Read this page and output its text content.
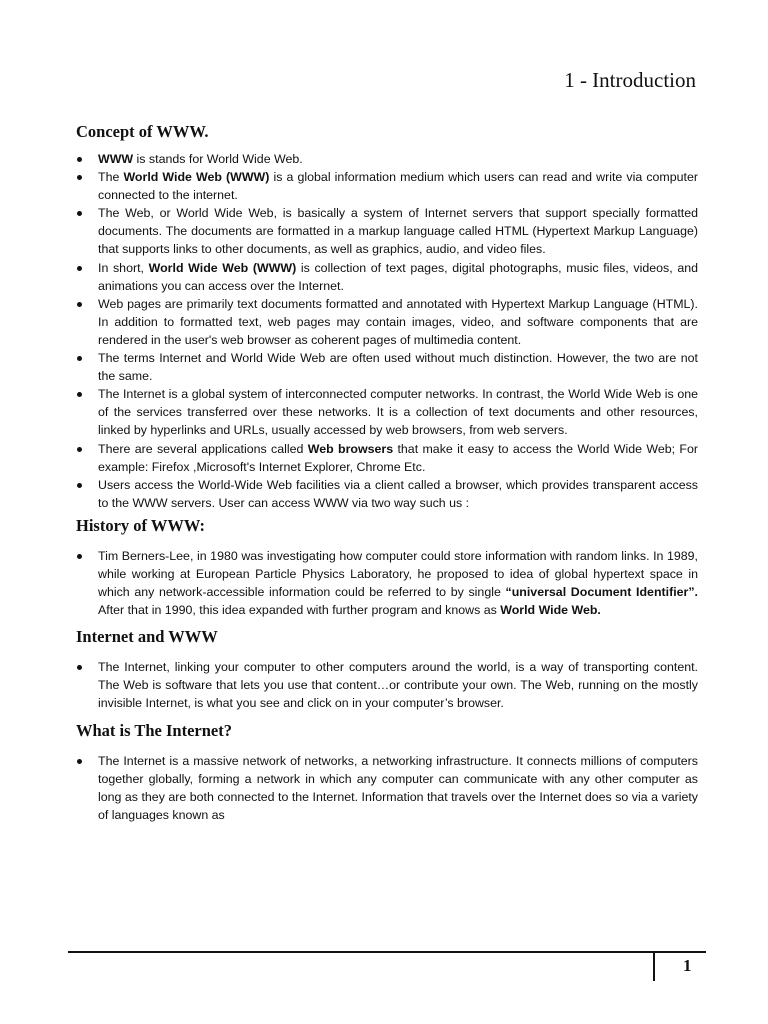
1 - Introduction
Concept of WWW.
WWW is stands for World Wide Web.
The World Wide Web (WWW) is a global information medium which users can read and write via computer connected to the internet.
The Web, or World Wide Web, is basically a system of Internet servers that support specially formatted documents. The documents are formatted in a markup language called HTML (Hypertext Markup Language) that supports links to other documents, as well as graphics, audio, and video files.
In short, World Wide Web (WWW) is collection of text pages, digital photographs, music files, videos, and animations you can access over the Internet.
Web pages are primarily text documents formatted and annotated with Hypertext Markup Language (HTML). In addition to formatted text, web pages may contain images, video, and software components that are rendered in the user's web browser as coherent pages of multimedia content.
The terms Internet and World Wide Web are often used without much distinction. However, the two are not the same.
The Internet is a global system of interconnected computer networks. In contrast, the World Wide Web is one of the services transferred over these networks. It is a collection of text documents and other resources, linked by hyperlinks and URLs, usually accessed by web browsers, from web servers.
There are several applications called Web browsers that make it easy to access the World Wide Web; For example: Firefox ,Microsoft's Internet Explorer, Chrome Etc.
Users access the World-Wide Web facilities via a client called a browser, which provides transparent access to the WWW servers. User can access WWW via two way such us :
History of WWW:
Tim Berners-Lee, in 1980 was investigating how computer could store information with random links. In 1989, while working at European Particle Physics Laboratory, he proposed to idea of global hypertext space in which any network-accessible information could be referred to by single “universal Document Identifier”. After that in 1990, this idea expanded with further program and knows as World Wide Web.
Internet and WWW
The Internet, linking your computer to other computers around the world, is a way of transporting content. The Web is software that lets you use that content…or contribute your own. The Web, running on the mostly invisible Internet, is what you see and click on in your computer’s browser.
What is The Internet?
The Internet is a massive network of networks, a networking infrastructure. It connects millions of computers together globally, forming a network in which any computer can communicate with any other computer as long as they are both connected to the Internet. Information that travels over the Internet does so via a variety of languages known as
1
